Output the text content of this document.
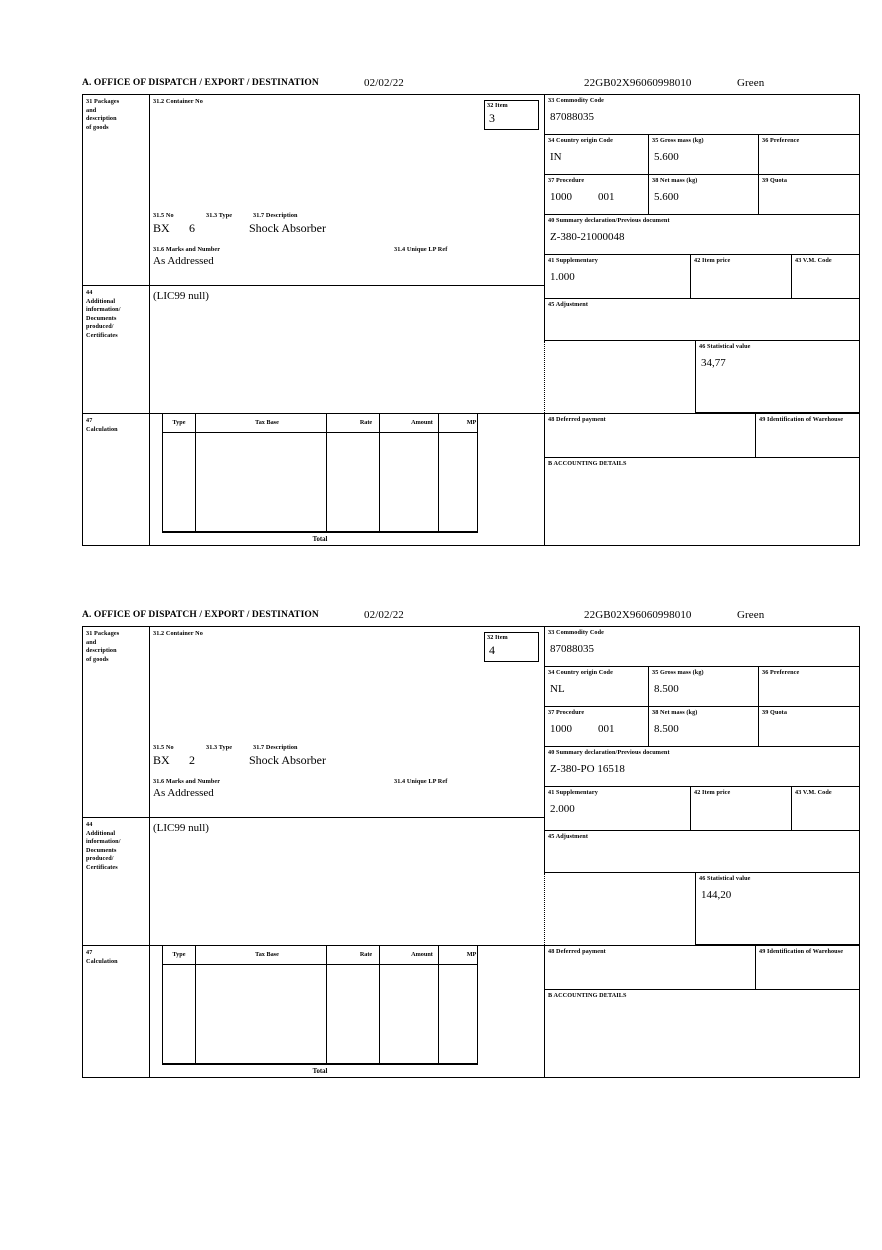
A. OFFICE OF DISPATCH / EXPORT / DESTINATION	02/02/22	22GB02X96060998010	Green
31 Packages
and
description
of goods
44
Additional
information/
Documents
produced/
Certificates
47
Calculation
31.2 Container No
31.5 No	31.3 Type	31.7 Description
BX 6	Shock Absorber
31.6 Marks and Number	31.4 Unique LP Ref
As Addressed
32 Item
3
33 Commodity Code
87088035
34 Country origin Code
IN
35 Gross mass (kg)
5.600
36 Preference
37 Procedure
1000 001
38 Net mass (kg)
5.600
39 Quota
40 Summary declaration/Previous document
Z-380-21000048
41 Supplementary
1.000
42 Item price	43 V.M. Code
45 Adjustment
46 Statistical value
34,77
(LIC99 null)
Type	Tax Base	Rate	Amount	MP
Total
48 Deferred payment	49 Identification of Warehouse
B ACCOUNTING DETAILS
A. OFFICE OF DISPATCH / EXPORT / DESTINATION	02/02/22	22GB02X96060998010	Green
31 Packages
and
description
of goods
44
Additional
information/
Documents
produced/
Certificates
47
Calculation
31.2 Container No
31.5 No	31.3 Type	31.7 Description
BX 2	Shock Absorber
31.6 Marks and Number	31.4 Unique LP Ref
As Addressed
32 Item
4
33 Commodity Code
87088035
34 Country origin Code
NL
35 Gross mass (kg)
8.500
36 Preference
37 Procedure
1000 001
38 Net mass (kg)
8.500
39 Quota
40 Summary declaration/Previous document
Z-380-PO 16518
41 Supplementary
2.000
42 Item price	43 V.M. Code
45 Adjustment
46 Statistical value
144,20
(LIC99 null)
Type	Tax Base	Rate	Amount	MP
Total
48 Deferred payment	49 Identification of Warehouse
B ACCOUNTING DETAILS
